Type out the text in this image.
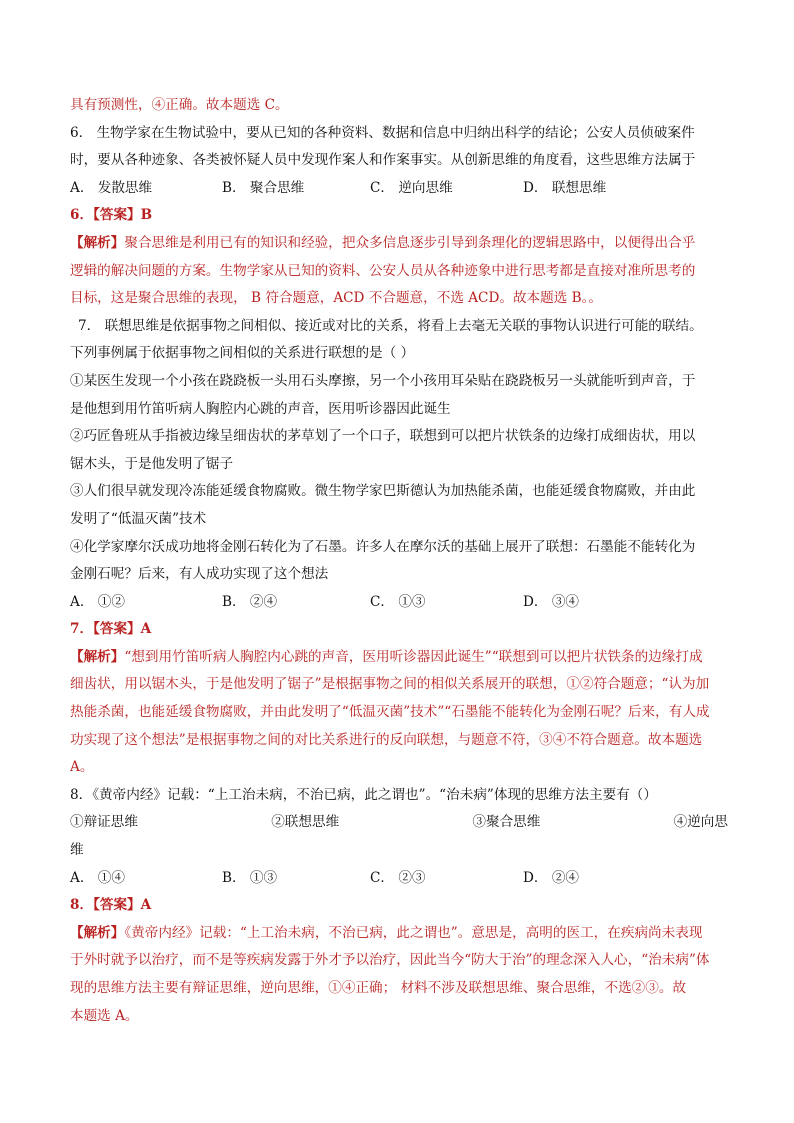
具有预测性，④正确。故本题选 C。
6． 生物学家在生物试验中，要从已知的各种资料、数据和信息中归纳出科学的结论；公安人员侦破案件
时，要从各种迹象、各类被怀疑人员中发现作案人和作案事实。从创新思维的角度看，这些思维方法属于
A． 发散思维	B． 聚合思维	C． 逆向思维	D． 联想思维
6．【答案】B
【解析】聚合思维是利用已有的知识和经验，把众多信息逐步引导到条理化的逻辑思路中，以便得出合乎
逻辑的解决问题的方案。生物学家从已知的资料、公安人员从各种迹象中进行思考都是直接对准所思考的
目标，这是聚合思维的表现， B 符合题意，ACD 不合题意，不选 ACD。故本题选 B。。
7． 联想思维是依据事物之间相似、接近或对比的关系，将看上去毫无关联的事物认识进行可能的联结。
下列事例属于依据事物之间相似的关系进行联想的是（ ）
①某医生发现一个小孩在跷跷板一头用石头摩擦，另一个小孩用耳朵贴在跷跷板另一头就能听到声音，于
是他想到用竹笛听病人胸腔内心跳的声音，医用听诊器因此诞生
②巧匠鲁班从手指被边缘呈细齿状的茅草划了一个口子，联想到可以把片状铁条的边缘打成细齿状，用以
锯木头，于是他发明了锯子
③人们很早就发现冷冻能延缓食物腐败。微生物学家巴斯德认为加热能杀菌，也能延缓食物腐败，并由此
发明了“低温灭菌”技术
④化学家摩尔沃成功地将金刚石转化为了石墨。许多人在摩尔沃的基础上展开了联想：石墨能不能转化为
金刚石呢？后来，有人成功实现了这个想法
A． ①②	B． ②④	C． ①③	D． ③④
7．【答案】A
【解析】“想到用竹笛听病人胸腔内心跳的声音，医用听诊器因此诞生”“联想到可以把片状铁条的边缘打成
细齿状，用以锯木头，于是他发明了锯子”是根据事物之间的相似关系展开的联想，①②符合题意；“认为加
热能杀菌，也能延缓食物腐败，并由此发明了“低温灭菌”技术”“石墨能不能转化为金刚石呢？后来，有人成
功实现了这个想法”是根据事物之间的对比关系进行的反向联想，与题意不符，③④不符合题意。故本题选
A。
8．《黄帝内经》记载：“上工治未病，不治已病，此之谓也”。“治未病”体现的思维方法主要有（）
①辩证思维	②联想思维	③聚合思维	④逆向思
维
A． ①④	B． ①③	C． ②③	D． ②④
8．【答案】A
【解析】《黄帝内经》记载：“上工治未病，不治已病，此之谓也”。意思是，高明的医工，在疾病尚未表现
于外时就予以治疗，而不是等疾病发露于外才予以治疗，因此当今“防大于治”的理念深入人心，“治未病”体
现的思维方法主要有辩证思维，逆向思维，①④正确； 材料不涉及联想思维、聚合思维，不选②③。故
本题选 A。
